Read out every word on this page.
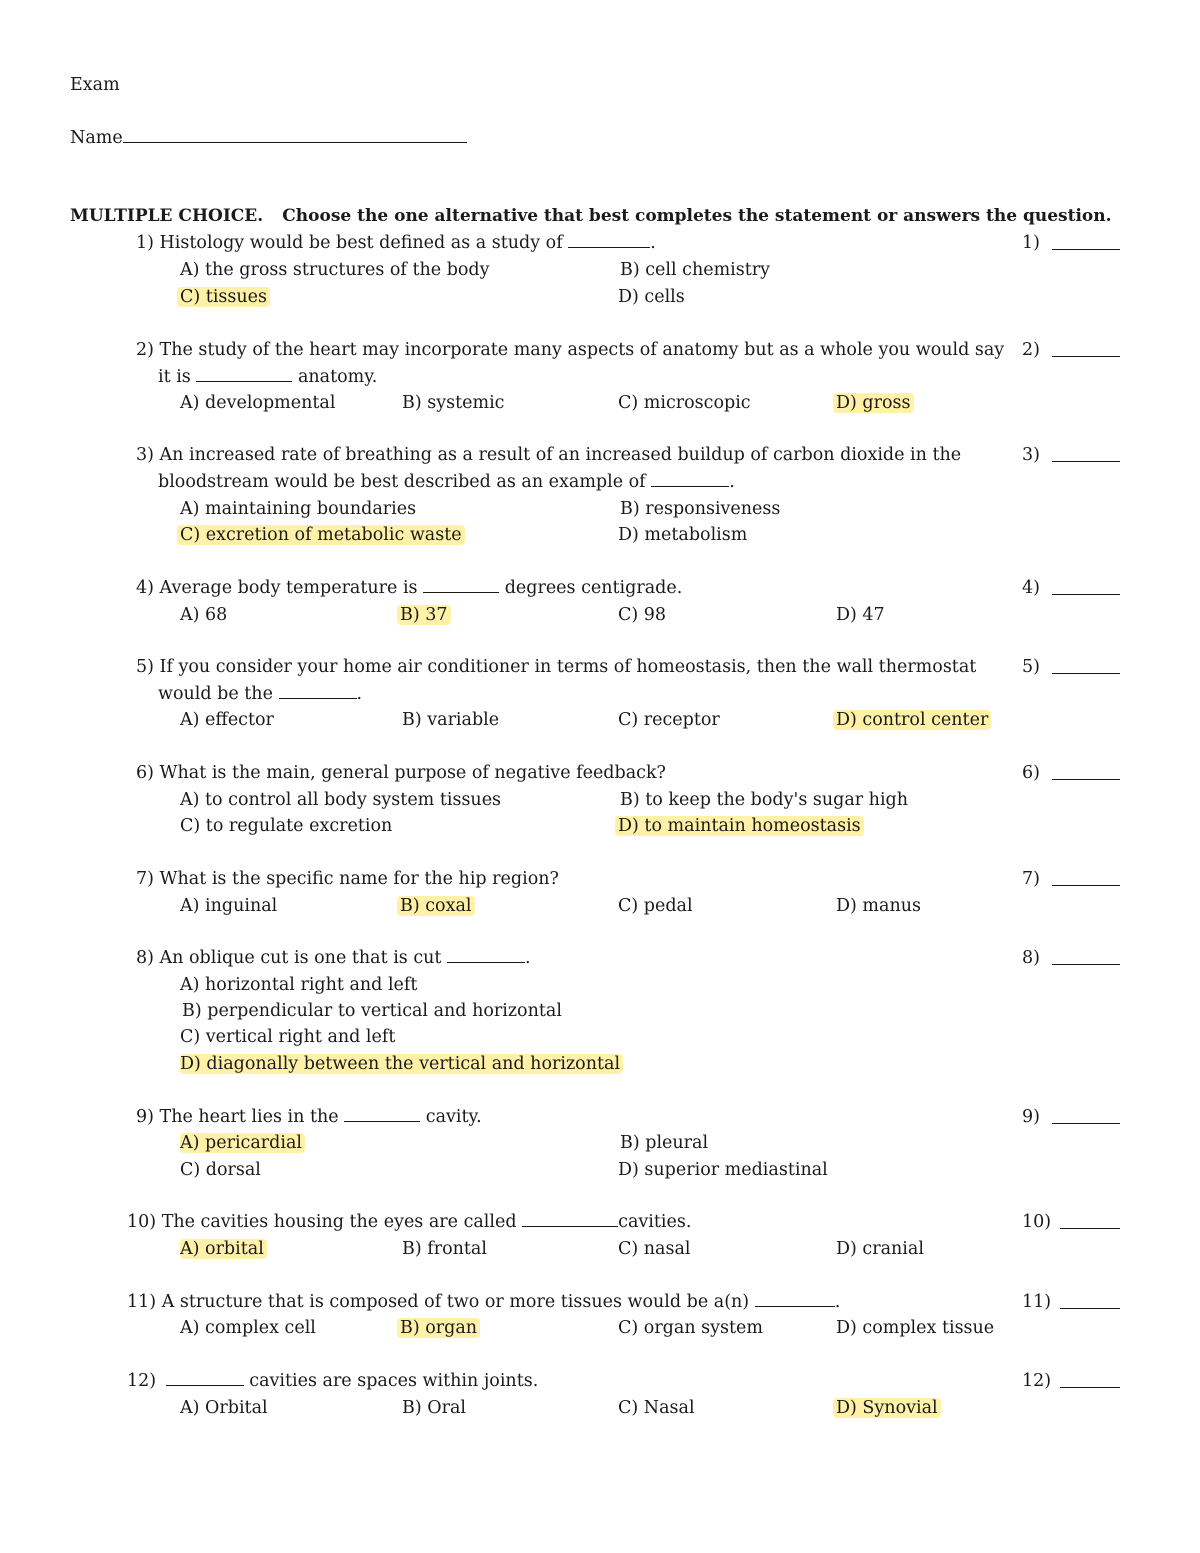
Exam
Name
MULTIPLE CHOICE. Choose the one alternative that best completes the statement or answers the question.
1) Histology would be best defined as a study of	.
A) the gross structures of the body	B) cell chemistry
C) tissues	D) cells
1)
2) The study of the heart may incorporate many aspects of anatomy but as a whole you would say
it is	anatomy.
A) developmental	B) systemic	C) microscopic	D) gross
2)
3) An increased rate of breathing as a result of an increased buildup of carbon dioxide in the
bloodstream would be best described as an example of	.
A) maintaining boundaries	B) responsiveness
C) excretion of metabolic waste	D) metabolism
3)
4) Average body temperature is	degrees centigrade.
A) 68	B) 37	C) 98	D) 47
4)
5) If you consider your home air conditioner in terms of homeostasis, then the wall thermostat
would be the	.
A) effector	B) variable	C) receptor	D) control center
5)
6) What is the main, general purpose of negative feedback?
A) to control all body system tissues	B) to keep the body's sugar high
C) to regulate excretion	D) to maintain homeostasis
6)
7) What is the specific name for the hip region?
A) inguinal	B) coxal	C) pedal	D) manus
7)
8) An oblique cut is one that is cut	.
A) horizontal right and left
B) perpendicular to vertical and horizontal
C) vertical right and left
D) diagonally between the vertical and horizontal
8)
9) The heart lies in the	cavity.
A) pericardial	B) pleural
C) dorsal	D) superior mediastinal
9)
10) The cavities housing the eyes are called	cavities.
A) orbital	B) frontal	C) nasal	D) cranial
10)
11) A structure that is composed of two or more tissues would be a(n)	.
A) complex cell	B) organ	C) organ system	D) complex tissue
11)
12)	cavities are spaces within joints.
A) Orbital	B) Oral	C) Nasal	D) Synovial
12)
